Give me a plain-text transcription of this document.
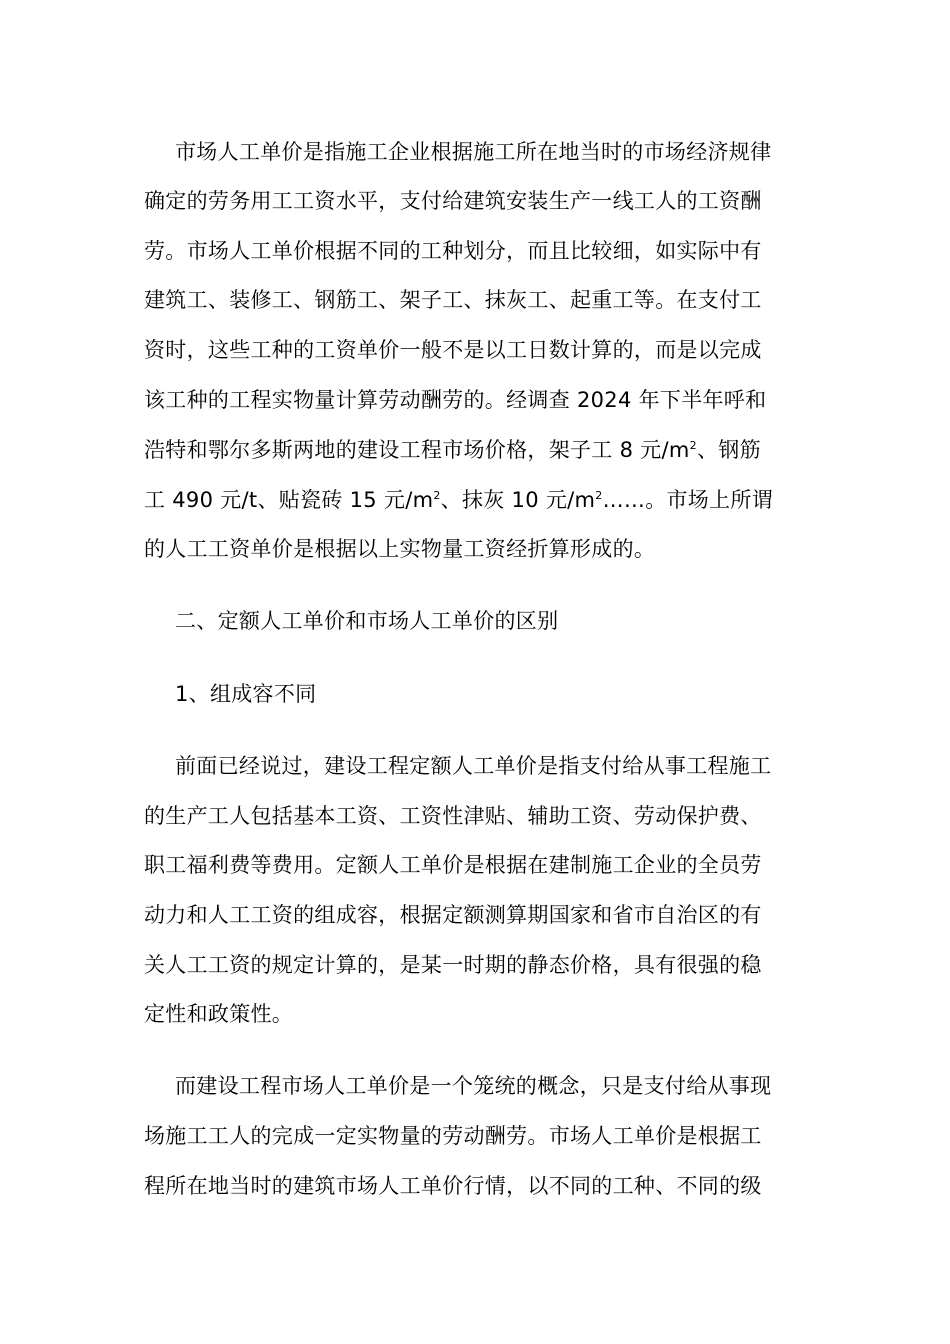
市场人工单价是指施工企业根据施工所在地当时的市场经济规律
确定的劳务用工工资水平，支付给建筑安装生产一线工人的工资酬
劳。市场人工单价根据不同的工种划分，而且比较细，如实际中有
建筑工、装修工、钢筋工、架子工、抹灰工、起重工等。在支付工
资时，这些工种的工资单价一般不是以工日数计算的，而是以完成
该工种的工程实物量计算劳动酬劳的。经调查 2024 年下半年呼和
浩特和鄂尔多斯两地的建设工程市场价格，架子工 8 元$/m^2$、钢筋
工 490 元/t、贴瓷砖 15 元$/m^2$、抹灰 10 元$/m^2\dots\dots$。市场上所谓
的人工工资单价是根据以上实物量工资经折算形成的。
二、定额人工单价和市场人工单价的区别
1、组成容不同
前面已经说过，建设工程定额人工单价是指支付给从事工程施工
的生产工人包括基本工资、工资性津贴、辅助工资、劳动保护费、
职工福利费等费用。定额人工单价是根据在建制施工企业的全员劳
动力和人工工资的组成容，根据定额测算期国家和省市自治区的有
关人工工资的规定计算的，是某一时期的静态价格，具有很强的稳
定性和政策性。
而建设工程市场人工单价是一个笼统的概念，只是支付给从事现
场施工工人的完成一定实物量的劳动酬劳。市场人工单价是根据工
程所在地当时的建筑市场人工单价行情，以不同的工种、不同的级
